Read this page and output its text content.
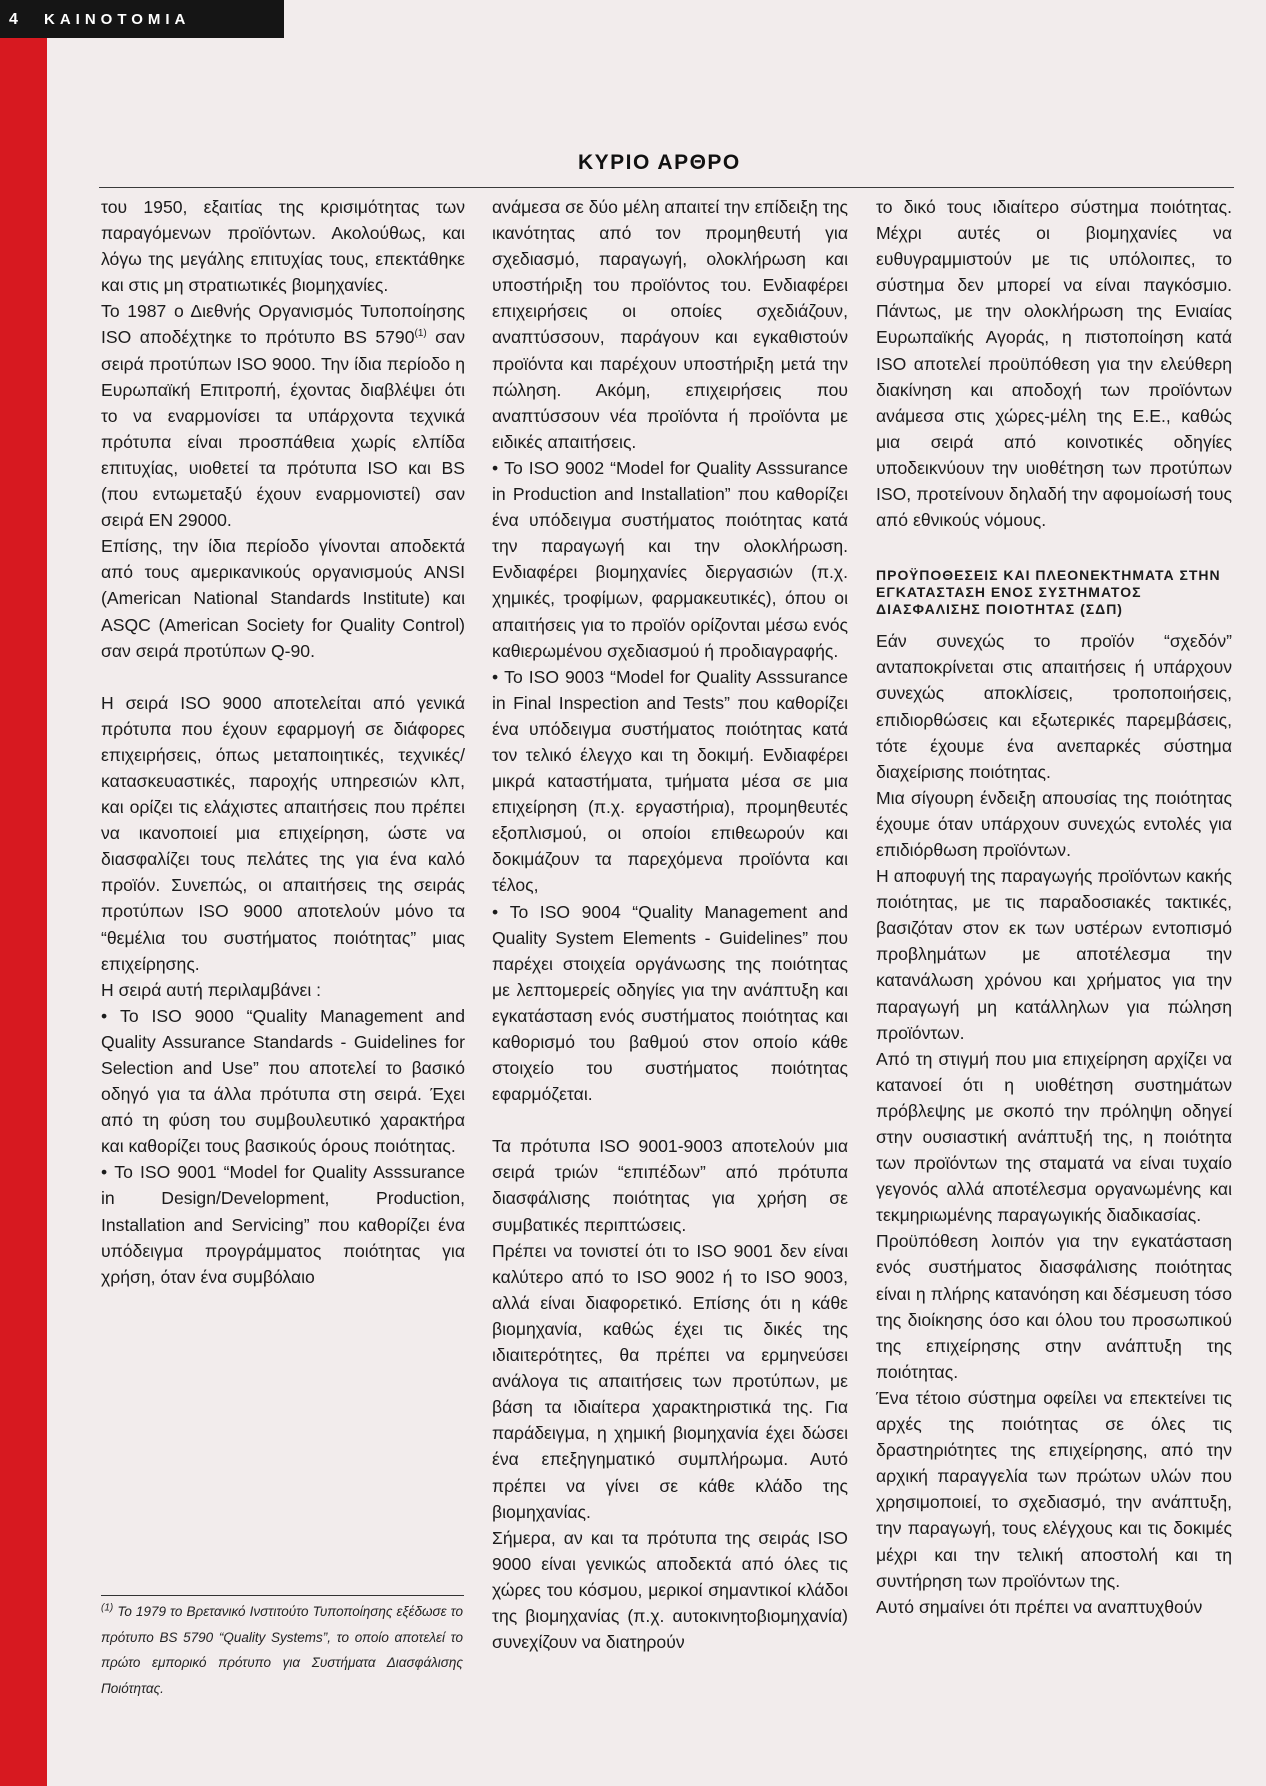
4 ΚΑΙΝΟΤΟΜΙΑ
ΚΥΡΙΟ ΑΡΘΡΟ

του 1950, εξαιτίας της κρισιμότητας των παραγόμενων προϊόντων. Ακολούθως, και λόγω της μεγάλης επιτυχίας τους, επεκτάθηκε και στις μη στρατιωτικές βιομηχανίες.

Το 1987 ο Διεθνής Οργανισμός Τυποποίησης ISO αποδέχτηκε το πρότυπο BS 5790$^{(1)}$ σαν σειρά προτύπων ISO 9000. Την ίδια περίοδο η Ευρωπαϊκή Επιτροπή, έχοντας διαβλέψει ότι το να εναρμονίσει τα υπάρχοντα τεχνικά πρότυπα είναι προσπάθεια χωρίς ελπίδα επιτυχίας, υιοθετεί τα πρότυπα ISO και BS (που εντωμεταξύ έχουν εναρμονιστεί) σαν σειρά EN 29000.

Επίσης, την ίδια περίοδο γίνονται αποδεκτά από τους αμερικανικούς οργανισμούς ANSI (American National Standards Institute) και ASQC (American Society for Quality Control) σαν σειρά προτύπων Q-90.

Η σειρά ISO 9000 αποτελείται από γενικά πρότυπα που έχουν εφαρμογή σε διάφορες επιχειρήσεις, όπως μεταποιητικές, τεχνικές/κατασκευαστικές, παροχής υπηρεσιών κλπ, και ορίζει τις ελάχιστες απαιτήσεις που πρέπει να ικανοποιεί μια επιχείρηση, ώστε να διασφαλίζει τους πελάτες της για ένα καλό προϊόν. Συνεπώς, οι απαιτήσεις της σειράς προτύπων ISO 9000 αποτελούν μόνο τα “θεμέλια του συστήματος ποιότητας” μιας επιχείρησης.

Η σειρά αυτή περιλαμβάνει :

• Το ISO 9000 “Quality Management and Quality Assurance Standards - Guidelines for Selection and Use” που αποτελεί το βασικό οδηγό για τα άλλα πρότυπα στη σειρά. Έχει από τη φύση του συμβουλευτικό χαρακτήρα και καθορίζει τους βασικούς όρους ποιότητας.

• Το ISO 9001 “Model for Quality Asssurance in Design/Development, Production, Installation and Servicing” που καθορίζει ένα υπόδειγμα προγράμματος ποιότητας για χρήση, όταν ένα συμβόλαιο

ανάμεσα σε δύο μέλη απαιτεί την επίδειξη της ικανότητας από τον προμηθευτή για σχεδιασμό, παραγωγή, ολοκλήρωση και υποστήριξη του προϊόντος του. Ενδιαφέρει επιχειρήσεις οι οποίες σχεδιάζουν, αναπτύσσουν, παράγουν και εγκαθιστούν προϊόντα και παρέχουν υποστήριξη μετά την πώληση. Ακόμη, επιχειρήσεις που αναπτύσσουν νέα προϊόντα ή προϊόντα με ειδικές απαιτήσεις.

• Το ISO 9002 “Model for Quality Asssurance in Production and Installation” που καθορίζει ένα υπόδειγμα συστήματος ποιότητας κατά την παραγωγή και την ολοκλήρωση. Ενδιαφέρει βιομηχανίες διεργασιών (π.χ. χημικές, τροφίμων, φαρμακευτικές), όπου οι απαιτήσεις για το προϊόν ορίζονται μέσω ενός καθιερωμένου σχεδιασμού ή προδιαγραφής.

• Το ISO 9003 “Model for Quality Asssurance in Final Inspection and Tests” που καθορίζει ένα υπόδειγμα συστήματος ποιότητας κατά τον τελικό έλεγχο και τη δοκιμή. Ενδιαφέρει μικρά καταστήματα, τμήματα μέσα σε μια επιχείρηση (π.χ. εργαστήρια), προμηθευτές εξοπλισμού, οι οποίοι επιθεωρούν και δοκιμάζουν τα παρεχόμενα προϊόντα και τέλος,

• Το ISO 9004 “Quality Management and Quality System Elements - Guidelines” που παρέχει στοιχεία οργάνωσης της ποιότητας με λεπτομερείς οδηγίες για την ανάπτυξη και εγκατάσταση ενός συστήματος ποιότητας και καθορισμό του βαθμού στον οποίο κάθε στοιχείο του συστήματος ποιότητας εφαρμόζεται.

Τα πρότυπα ISO 9001-9003 αποτελούν μια σειρά τριών “επιπέδων” από πρότυπα διασφάλισης ποιότητας για χρήση σε συμβατικές περιπτώσεις.

Πρέπει να τονιστεί ότι το ISO 9001 δεν είναι καλύτερο από το ISO 9002 ή το ISO 9003, αλλά είναι διαφορετικό. Επίσης ότι η κάθε βιομηχανία, καθώς έχει τις δικές της ιδιαιτερότητες, θα πρέπει να ερμηνεύσει ανάλογα τις απαιτήσεις των προτύπων, με βάση τα ιδιαίτερα χαρακτηριστικά της. Για παράδειγμα, η χημική βιομηχανία έχει δώσει ένα επεξηγηματικό συμπλήρωμα. Αυτό πρέπει να γίνει σε κάθε κλάδο της βιομηχανίας.

Σήμερα, αν και τα πρότυπα της σειράς ISO 9000 είναι γενικώς αποδεκτά από όλες τις χώρες του κόσμου, μερικοί σημαντικοί κλάδοι της βιομηχανίας (π.χ. αυτοκινητοβιομηχανία) συνεχίζουν να διατηρούν

το δικό τους ιδιαίτερο σύστημα ποιότητας. Μέχρι αυτές οι βιομηχανίες να ευθυγραμμιστούν με τις υπόλοιπες, το σύστημα δεν μπορεί να είναι παγκόσμιο. Πάντως, με την ολοκλήρωση της Ενιαίας Ευρωπαϊκής Αγοράς, η πιστοποίηση κατά ISO αποτελεί προϋπόθεση για την ελεύθερη διακίνηση και αποδοχή των προϊόντων ανάμεσα στις χώρες-μέλη της Ε.Ε., καθώς μια σειρά από κοινοτικές οδηγίες υποδεικνύουν την υιοθέτηση των προτύπων ISO, προτείνουν δηλαδή την αφομοίωσή τους από εθνικούς νόμους.

ΠΡΟΫΠΟΘΕΣΕΙΣ ΚΑΙ ΠΛΕΟΝΕΚΤΗΜΑΤΑ ΣΤΗΝ ΕΓΚΑΤΑΣΤΑΣΗ ΕΝΟΣ ΣΥΣΤΗΜΑΤΟΣ ΔΙΑΣΦΑΛΙΣΗΣ ΠΟΙΟΤΗΤΑΣ (ΣΔΠ)

Εάν συνεχώς το προϊόν “σχεδόν” ανταποκρίνεται στις απαιτήσεις ή υπάρχουν συνεχώς αποκλίσεις, τροποποιήσεις, επιδιορθώσεις και εξωτερικές παρεμβάσεις, τότε έχουμε ένα ανεπαρκές σύστημα διαχείρισης ποιότητας.

Μια σίγουρη ένδειξη απουσίας της ποιότητας έχουμε όταν υπάρχουν συνεχώς εντολές για επιδιόρθωση προϊόντων.

Η αποφυγή της παραγωγής προϊόντων κακής ποιότητας, με τις παραδοσιακές τακτικές, βασιζόταν στον εκ των υστέρων εντοπισμό προβλημάτων με αποτέλεσμα την κατανάλωση χρόνου και χρήματος για την παραγωγή μη κατάλληλων για πώληση προϊόντων.

Από τη στιγμή που μια επιχείρηση αρχίζει να κατανοεί ότι η υιοθέτηση συστημάτων πρόβλεψης με σκοπό την πρόληψη οδηγεί στην ουσιαστική ανάπτυξή της, η ποιότητα των προϊόντων της σταματά να είναι τυχαίο γεγονός αλλά αποτέλεσμα οργανωμένης και τεκμηριωμένης παραγωγικής διαδικασίας.

Προϋπόθεση λοιπόν για την εγκατάσταση ενός συστήματος διασφάλισης ποιότητας είναι η πλήρης κατανόηση και δέσμευση τόσο της διοίκησης όσο και όλου του προσωπικού της επιχείρησης στην ανάπτυξη της ποιότητας.

Ένα τέτοιο σύστημα οφείλει να επεκτείνει τις αρχές της ποιότητας σε όλες τις δραστηριότητες της επιχείρησης, από την αρχική παραγγελία των πρώτων υλών που χρησιμοποιεί, το σχεδιασμό, την ανάπτυξη, την παραγωγή, τους ελέγχους και τις δοκιμές μέχρι και την τελική αποστολή και τη συντήρηση των προϊόντων της.

Αυτό σημαίνει ότι πρέπει να αναπτυχθούν

$^{(1)}$ Το 1979 το Βρετανικό Ινστιτούτο Τυποποίησης εξέδωσε το πρότυπο BS 5790 “Quality Systems”, το οποίο αποτελεί το πρώτο εμπορικό πρότυπο για Συστήματα Διασφάλισης Ποιότητας.
